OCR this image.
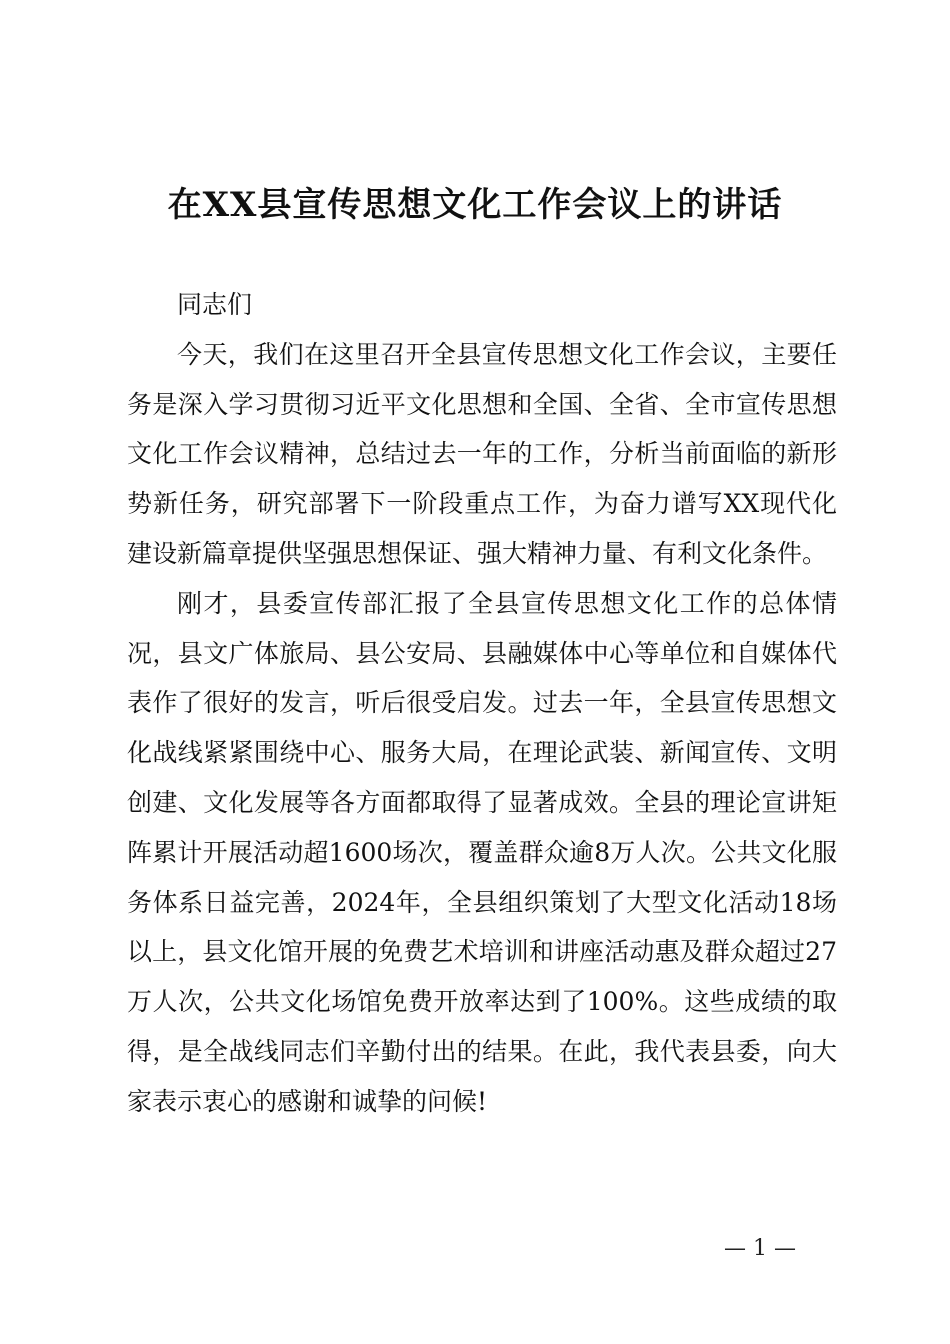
在XX县宣传思想文化工作会议上的讲话

同志们

今天，我们在这里召开全县宣传思想文化工作会议，主要任务是深入学习贯彻习近平文化思想和全国、全省、全市宣传思想文化工作会议精神，总结过去一年的工作，分析当前面临的新形势新任务，研究部署下一阶段重点工作，为奋力谱写XX现代化建设新篇章提供坚强思想保证、强大精神力量、有利文化条件。

刚才，县委宣传部汇报了全县宣传思想文化工作的总体情况，县文广体旅局、县公安局、县融媒体中心等单位和自媒体代表作了很好的发言，听后很受启发。过去一年，全县宣传思想文化战线紧紧围绕中心、服务大局，在理论武装、新闻宣传、文明创建、文化发展等各方面都取得了显著成效。全县的理论宣讲矩阵累计开展活动超1600场次，覆盖群众逾8万人次。公共文化服务体系日益完善，2024年，全县组织策划了大型文化活动18场以上，县文化馆开展的免费艺术培训和讲座活动惠及群众超过27万人次，公共文化场馆免费开放率达到了100%。这些成绩的取得，是全战线同志们辛勤付出的结果。在此，我代表县委，向大家表示衷心的感谢和诚挚的问候!

— 1 —
